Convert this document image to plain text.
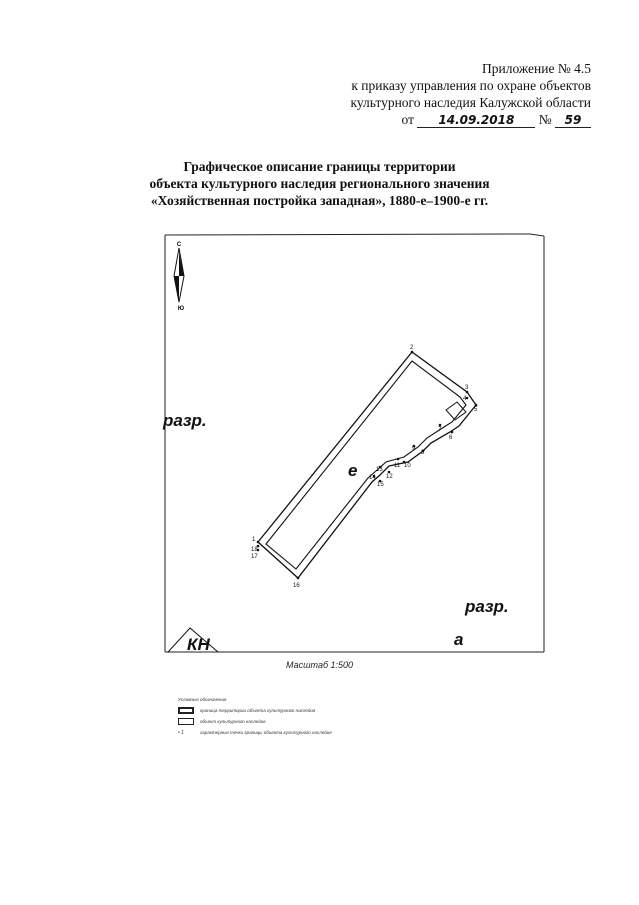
Приложение № 4.5
к приказу управления по охране объектов
культурного наследия Калужской области
от 14.09.2018 № 59
Графическое описание границы территории
объекта культурного наследия регионального значения
«Хозяйственная постройка западная», 1880-е–1900-е гг.
С
Ю
1
2
3
4
5
6
7
8
9
10
11
12
13
14
15
16
17
18
разр.
разр.
е
а
КН
Масштаб 1:500
Условные обозначения
граница территории объекта культурного наследия
объект культурного наследия
• 1	характерные точки границы объекта культурного наследия
